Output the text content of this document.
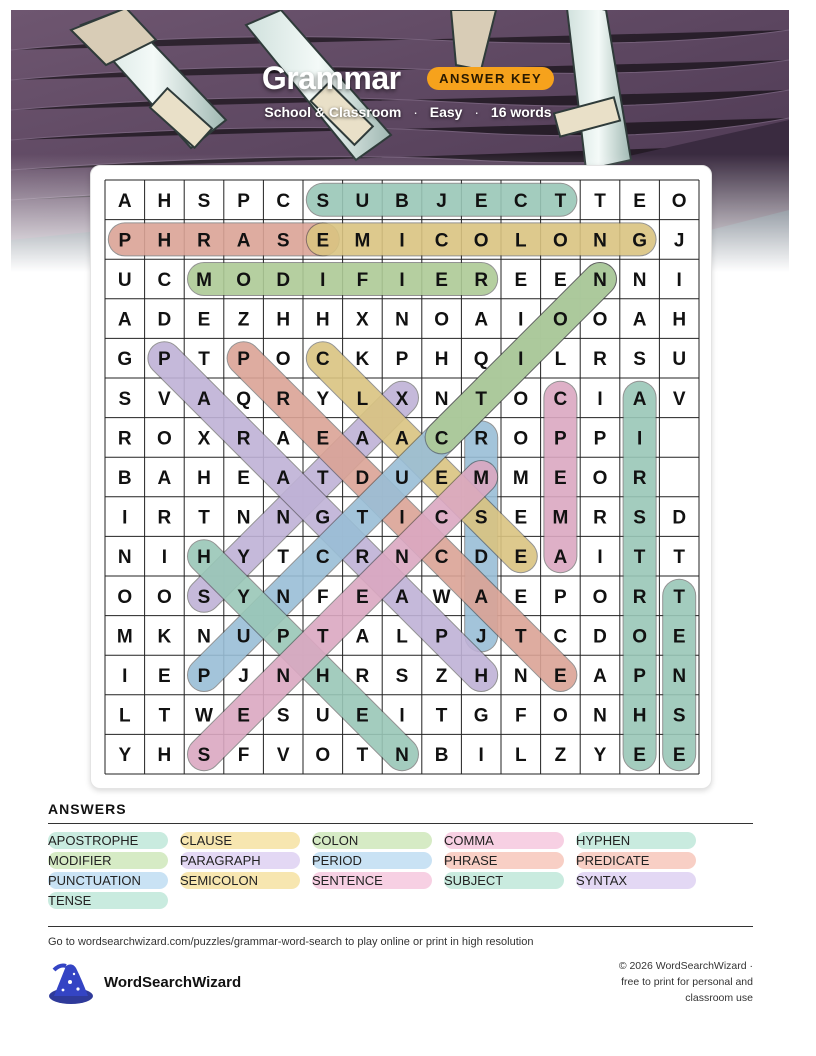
Grammar	ANSWER KEY
School & Classroom · Easy · 16 words
A H S P C S U B J E C T T E O
P H R A S E M I C O L O N G J
U C M O D I F I E R E E N N I
A D E Z H H X N O A I O O A H
G P T P O C K P H Q I L R S U
S V A Q R Y L X N T O C I A V
R O X R A E A A C R O P P I
B A H E A T D U E M M E O R
I R T N N G T I C S E M R S D
N I H Y T C R N C D E A I T T
O O S Y N F E A W A E P O R T
M K N U P T A L P J T C D O E
I E P J N H R S Z H N E A P N
L T W E S U E I T G F O N H S
Y H S F V O T N B I L Z Y E E
ANSWERS
APOSTROPHE	CLAUSE	COLON	COMMA	HYPHEN
MODIFIER	PARAGRAPH	PERIOD	PHRASE	PREDICATE
PUNCTUATION	SEMICOLON	SENTENCE	SUBJECT	SYNTAX
TENSE
Go to wordsearchwizard.com/puzzles/grammar-word-search to play online or print in high resolution
WordSearchWizard
© 2026 WordSearchWizard ·
free to print for personal and
classroom use
